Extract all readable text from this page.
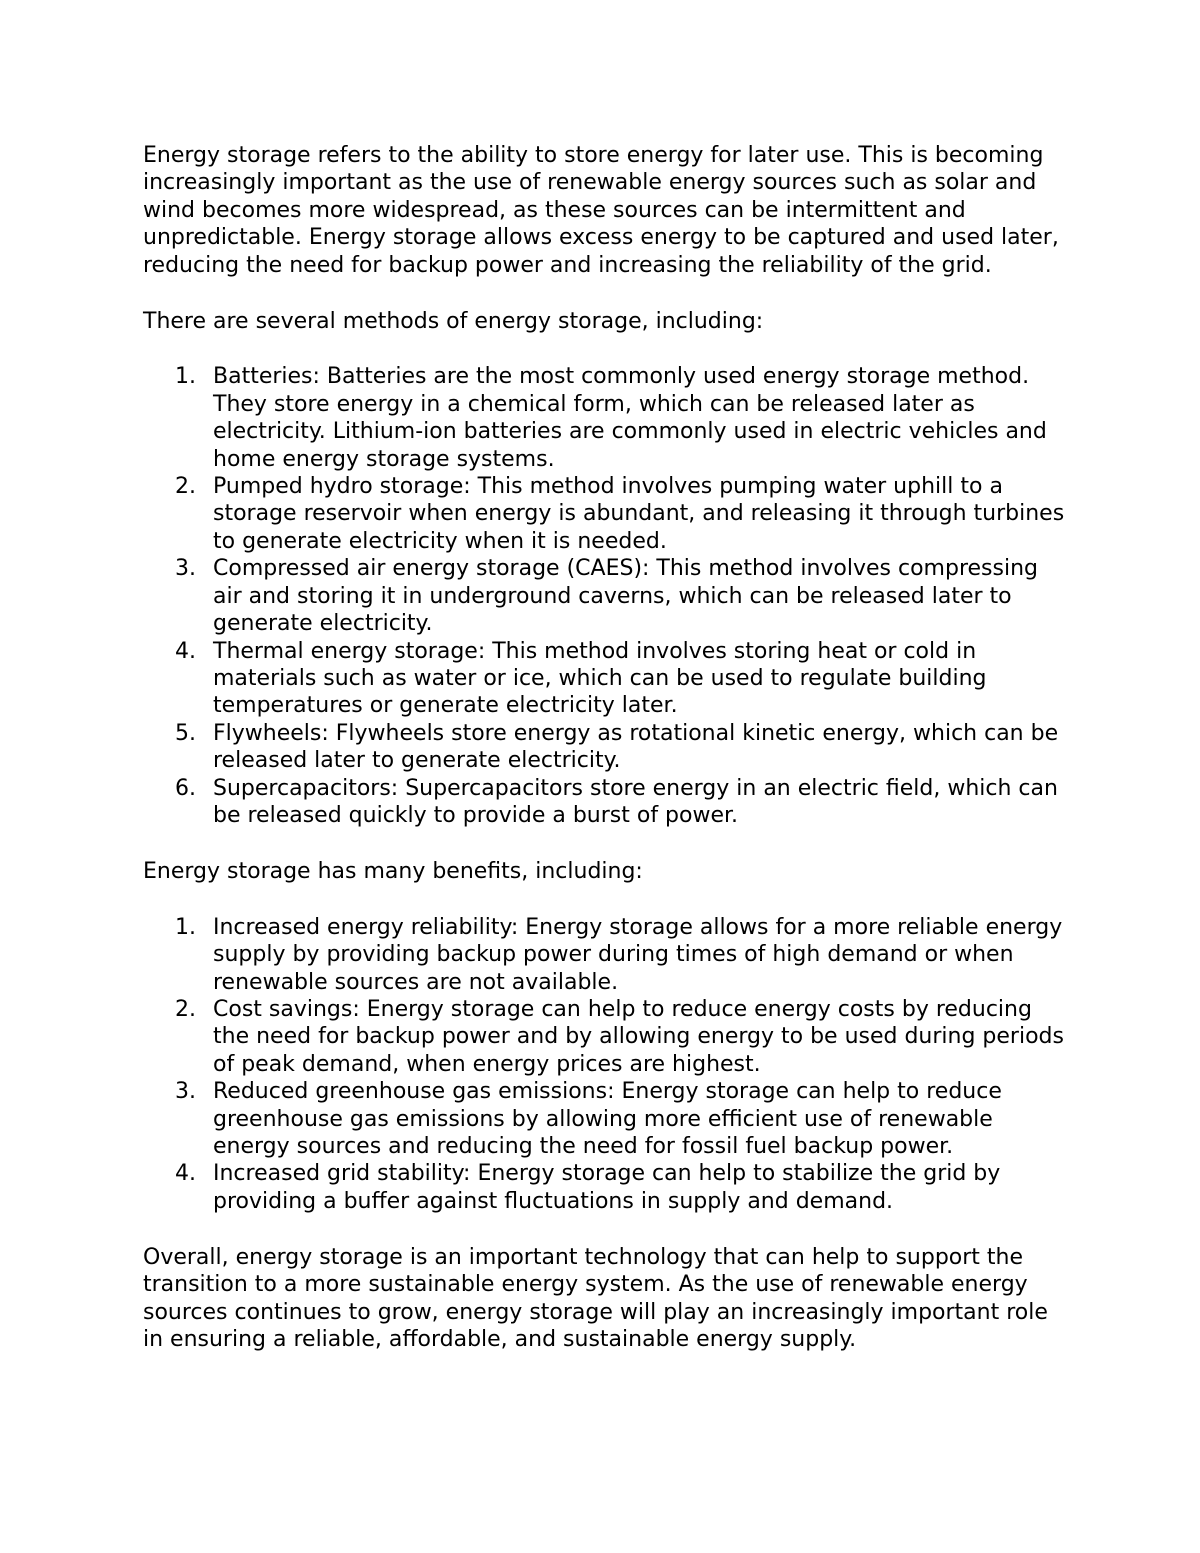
Energy storage refers to the ability to store energy for later use. This is becoming increasingly important as the use of renewable energy sources such as solar and wind becomes more widespread, as these sources can be intermittent and unpredictable. Energy storage allows excess energy to be captured and used later, reducing the need for backup power and increasing the reliability of the grid.

There are several methods of energy storage, including:

1. Batteries: Batteries are the most commonly used energy storage method. They store energy in a chemical form, which can be released later as electricity. Lithium-ion batteries are commonly used in electric vehicles and home energy storage systems.
2. Pumped hydro storage: This method involves pumping water uphill to a storage reservoir when energy is abundant, and releasing it through turbines to generate electricity when it is needed.
3. Compressed air energy storage (CAES): This method involves compressing air and storing it in underground caverns, which can be released later to generate electricity.
4. Thermal energy storage: This method involves storing heat or cold in materials such as water or ice, which can be used to regulate building temperatures or generate electricity later.
5. Flywheels: Flywheels store energy as rotational kinetic energy, which can be released later to generate electricity.
6. Supercapacitors: Supercapacitors store energy in an electric field, which can be released quickly to provide a burst of power.

Energy storage has many benefits, including:

1. Increased energy reliability: Energy storage allows for a more reliable energy supply by providing backup power during times of high demand or when renewable sources are not available.
2. Cost savings: Energy storage can help to reduce energy costs by reducing the need for backup power and by allowing energy to be used during periods of peak demand, when energy prices are highest.
3. Reduced greenhouse gas emissions: Energy storage can help to reduce greenhouse gas emissions by allowing more efficient use of renewable energy sources and reducing the need for fossil fuel backup power.
4. Increased grid stability: Energy storage can help to stabilize the grid by providing a buffer against fluctuations in supply and demand.

Overall, energy storage is an important technology that can help to support the transition to a more sustainable energy system. As the use of renewable energy sources continues to grow, energy storage will play an increasingly important role in ensuring a reliable, affordable, and sustainable energy supply.
